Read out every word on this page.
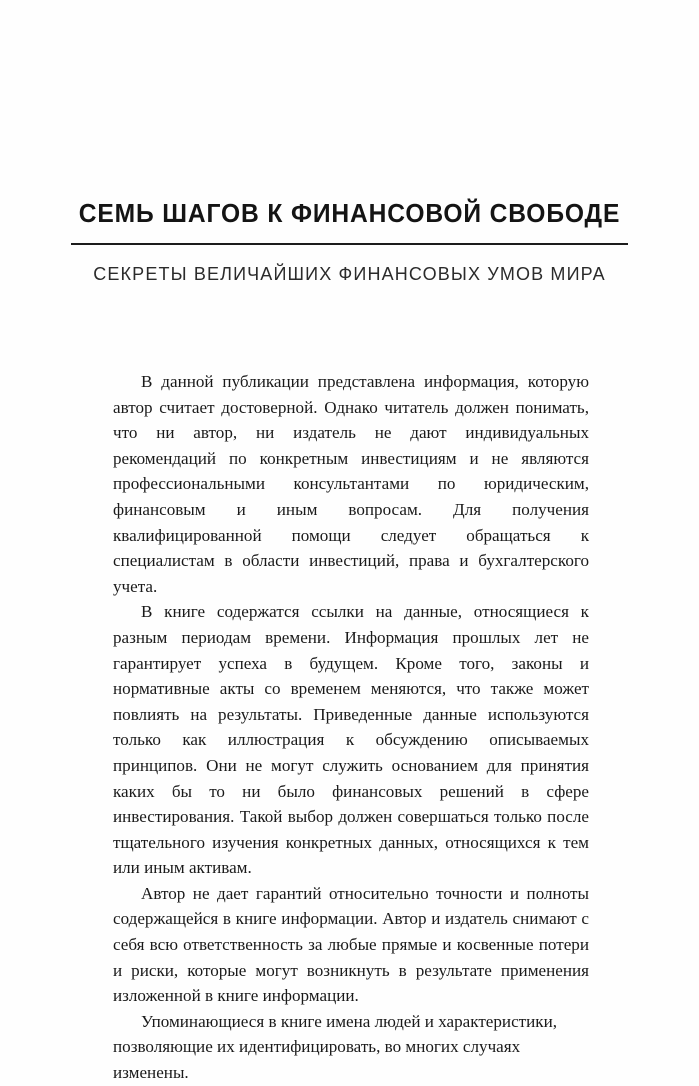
СЕМЬ ШАГОВ К ФИНАНСОВОЙ СВОБОДЕ
СЕКРЕТЫ ВЕЛИЧАЙШИХ ФИНАНСОВЫХ УМОВ МИРА

В данной публикации представлена информация, которую автор считает достоверной. Однако читатель должен понимать, что ни автор, ни издатель не дают индивидуальных рекомендаций по конкретным инвестициям и не являются профессиональными консультантами по юридическим, финансовым и иным вопросам. Для получения квалифицированной помощи следует обращаться к специалистам в области инвестиций, права и бухгалтерского учета.

В книге содержатся ссылки на данные, относящиеся к разным периодам времени. Информация прошлых лет не гарантирует успеха в будущем. Кроме того, законы и нормативные акты со временем меняются, что также может повлиять на результаты. Приведенные данные используются только как иллюстрация к обсуждению описываемых принципов. Они не могут служить основанием для принятия каких бы то ни было финансовых решений в сфере инвестирования. Такой выбор должен совершаться только после тщательного изучения конкретных данных, относящихся к тем или иным активам.

Автор не дает гарантий относительно точности и полноты содержащейся в книге информации. Автор и издатель снимают с себя всю ответственность за любые прямые и косвенные потери и риски, которые могут возникнуть в результате применения изложенной в книге информации.

Упоминающиеся в книге имена людей и характеристики, позволяющие их идентифицировать, во многих случаях изменены.
